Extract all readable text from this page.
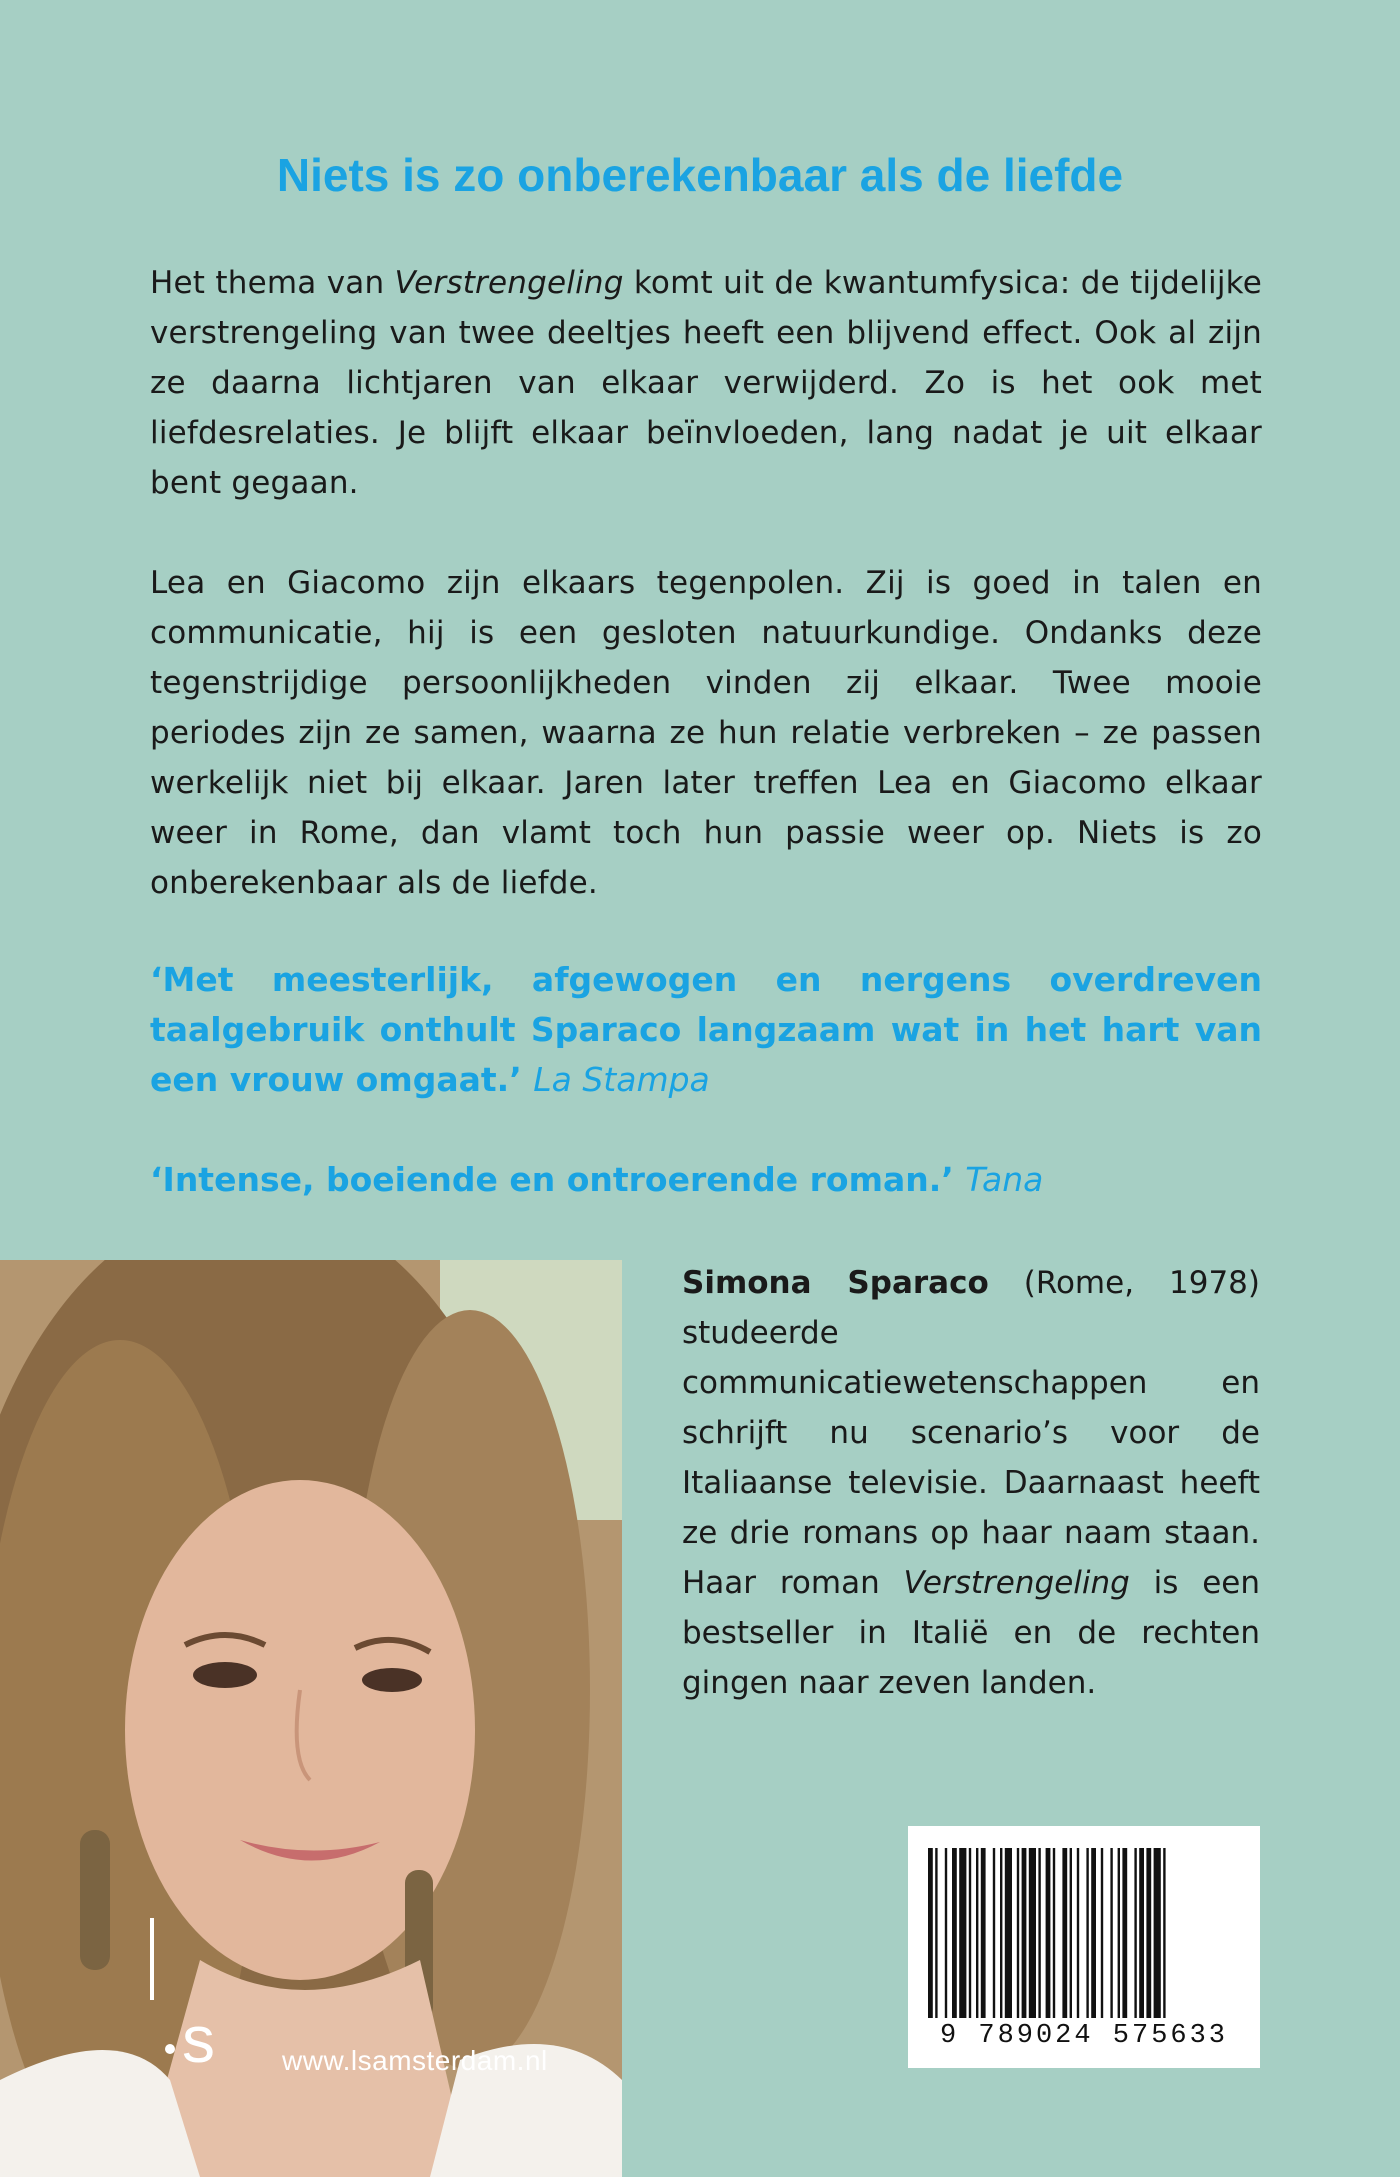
Niets is zo onberekenbaar als de liefde

Het thema van Verstrengeling komt uit de kwantumfysica: de tijdelijke verstrengeling van twee deeltjes heeft een blijvend effect. Ook al zijn ze daarna lichtjaren van elkaar verwijderd. Zo is het ook met liefdesrelaties. Je blijft elkaar beïnvloeden, lang nadat je uit elkaar bent gegaan.

Lea en Giacomo zijn elkaars tegenpolen. Zij is goed in talen en communicatie, hij is een gesloten natuurkundige. Ondanks deze tegenstrijdige persoonlijkheden vinden zij elkaar. Twee mooie periodes zijn ze samen, waarna ze hun relatie verbreken – ze passen werkelijk niet bij elkaar. Jaren later treffen Lea en Giacomo elkaar weer in Rome, dan vlamt toch hun passie weer op. Niets is zo onberekenbaar als de liefde.

‘Met meesterlijk, afgewogen en nergens overdreven taalgebruik onthult Sparaco langzaam wat in het hart van een vrouw omgaat.’ La Stampa

‘Intense, boeiende en ontroerende roman.’ Tana

s www.lsamsterdam.nl

Simona Sparaco (Rome, 1978) studeerde communicatiewetenschappen en schrijft nu scenario’s voor de Italiaanse televisie. Daarnaast heeft ze drie romans op haar naam staan. Haar roman Verstrengeling is een bestseller in Italië en de rechten gingen naar zeven landen.

9 789024 575633
